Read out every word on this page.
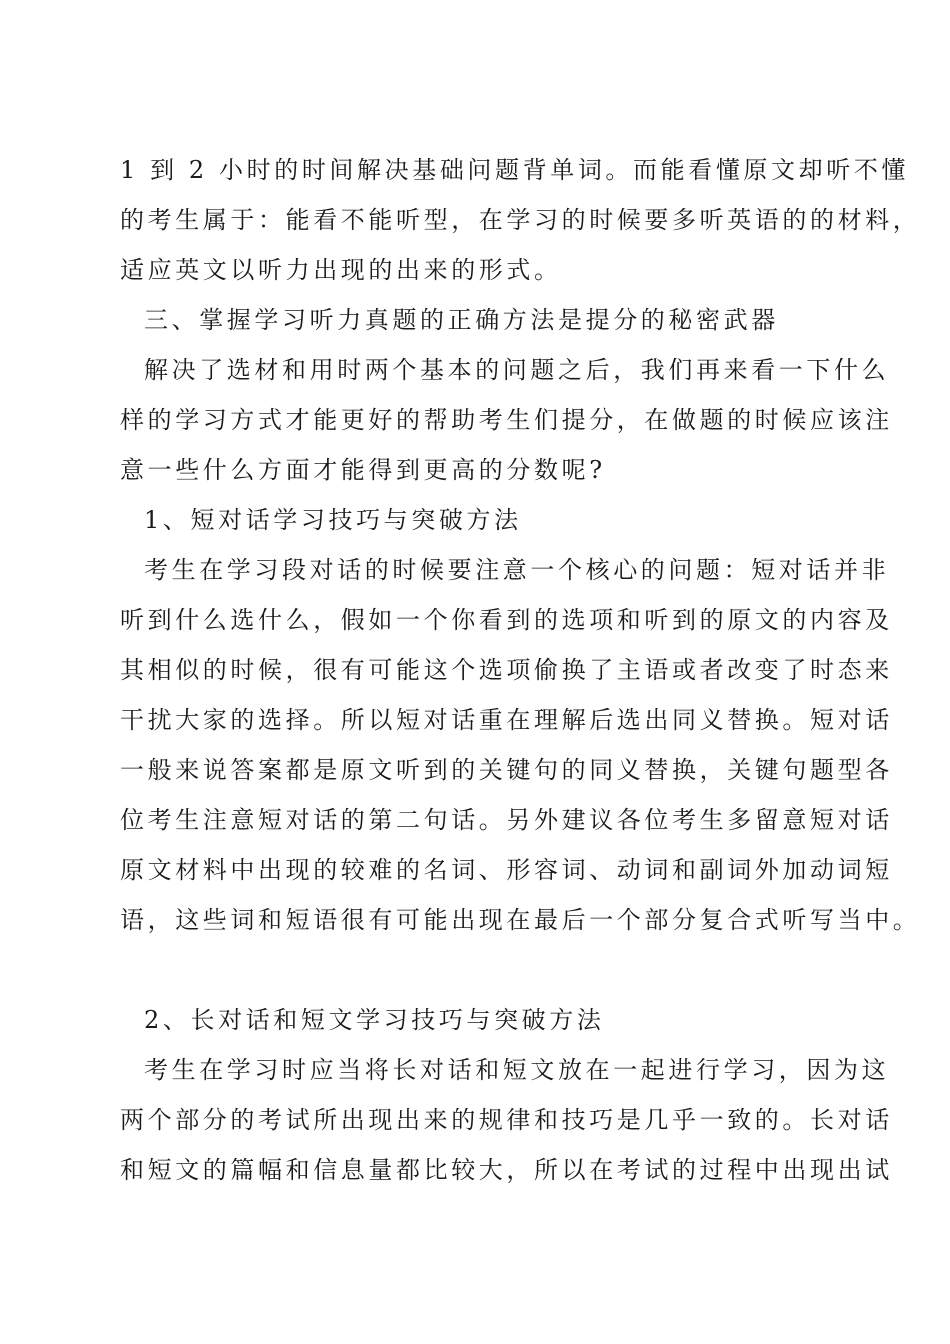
1 到 2 小时的时间解决基础问题背单词。而能看懂原文却听不懂
的考生属于：能看不能听型，在学习的时候要多听英语的的材料，
适应英文以听力出现的出来的形式。
三、掌握学习听力真题的正确方法是提分的秘密武器
解决了选材和用时两个基本的问题之后，我们再来看一下什么
样的学习方式才能更好的帮助考生们提分，在做题的时候应该注
意一些什么方面才能得到更高的分数呢?
1、短对话学习技巧与突破方法
考生在学习段对话的时候要注意一个核心的问题：短对话并非
听到什么选什么，假如一个你看到的选项和听到的原文的内容及
其相似的时候，很有可能这个选项偷换了主语或者改变了时态来
干扰大家的选择。所以短对话重在理解后选出同义替换。短对话
一般来说答案都是原文听到的关键句的同义替换，关键句题型各
位考生注意短对话的第二句话。另外建议各位考生多留意短对话
原文材料中出现的较难的名词、形容词、动词和副词外加动词短
语，这些词和短语很有可能出现在最后一个部分复合式听写当中。
2、长对话和短文学习技巧与突破方法
考生在学习时应当将长对话和短文放在一起进行学习，因为这
两个部分的考试所出现出来的规律和技巧是几乎一致的。长对话
和短文的篇幅和信息量都比较大，所以在考试的过程中出现出试
